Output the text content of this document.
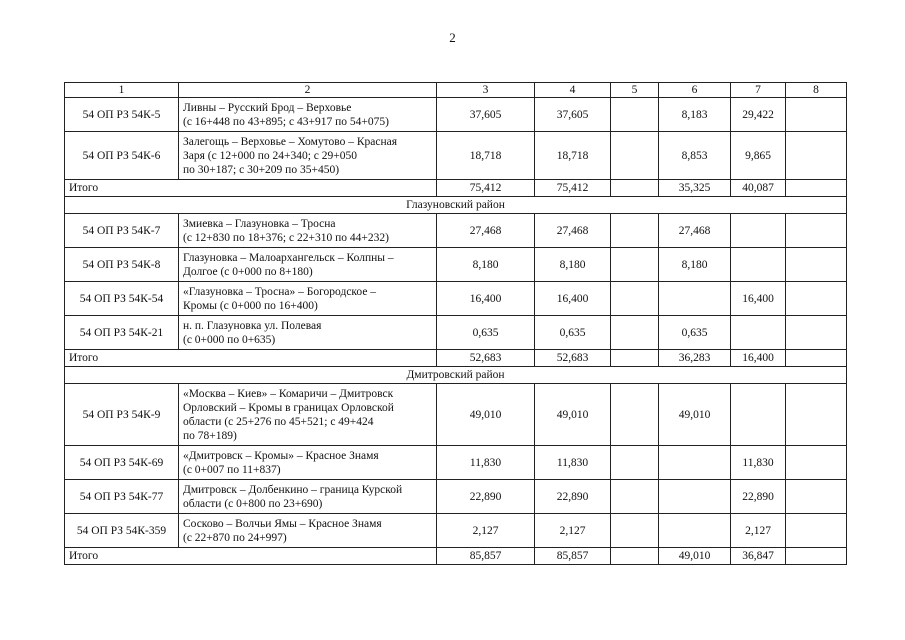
2
1	2	3	4	5	6	7	8
54 ОП РЗ 54К-5	Ливны – Русский Брод – Верховье
(с 16+448 по 43+895; с 43+917 по 54+075)	37,605	37,605		8,183	29,422	
54 ОП РЗ 54К-6	Залегощь – Верховье – Хомутово – Красная
Заря (с 12+000 по 24+340; с 29+050
по 30+187; с 30+209 по 35+450)	18,718	18,718		8,853	9,865	
Итого		75,412	75,412		35,325	40,087	
Глазуновский район							
54 ОП РЗ 54К-7	Змиевка – Глазуновка – Тросна
(с 12+830 по 18+376; с 22+310 по 44+232)	27,468	27,468		27,468		
54 ОП РЗ 54К-8	Глазуновка – Малоархангельск – Колпны –
Долгое (с 0+000 по 8+180)	8,180	8,180		8,180		
54 ОП РЗ 54К-54	«Глазуновка – Тросна» – Богородское –
Кромы (с 0+000 по 16+400)	16,400	16,400			16,400	
54 ОП РЗ 54К-21	н. п. Глазуновка ул. Полевая
(с 0+000 по 0+635)	0,635	0,635		0,635		
Итого		52,683	52,683		36,283	16,400	
Дмитровский район							
54 ОП РЗ 54К-9	«Москва – Киев» – Комаричи – Дмитровск
Орловский – Кромы в границах Орловской
области (с 25+276 по 45+521; с 49+424
по 78+189)	49,010	49,010		49,010		
54 ОП РЗ 54К-69	«Дмитровск – Кромы» – Красное Знамя
(с 0+007 по 11+837)	11,830	11,830			11,830	
54 ОП РЗ 54К-77	Дмитровск – Долбенкино – граница Курской
области (с 0+800 по 23+690)	22,890	22,890			22,890	
54 ОП РЗ 54К-359	Сосково – Волчьи Ямы – Красное Знамя
(с 22+870 по 24+997)	2,127	2,127			2,127	
Итого		85,857	85,857		49,010	36,847	
